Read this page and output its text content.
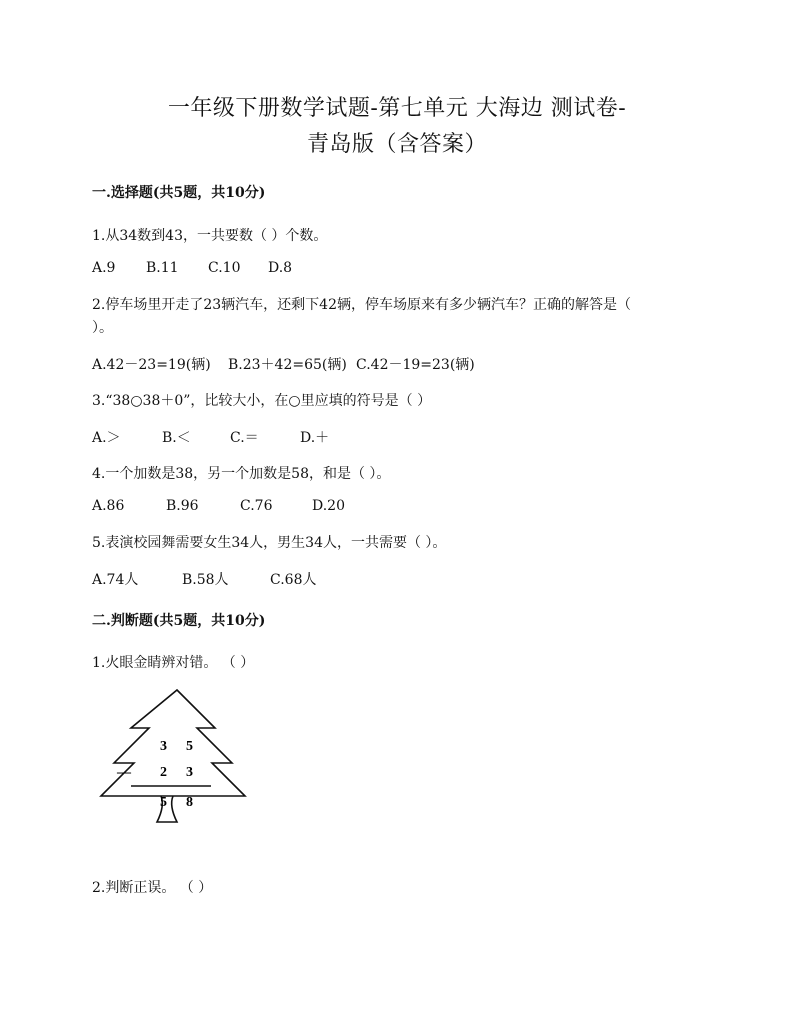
一年级下册数学试题-第七单元 大海边 测试卷-
青岛版（含答案）
一.选择题(共5题，共10分)
1.从34数到43，一共要数（ ）个数。
A.9 B.11 C.10 D.8
2.停车场里开走了23辆汽车，还剩下42辆，停车场原来有多少辆汽车？正确的解答是（
）。
A.42－23=19(辆) B.23＋42=65(辆) C.42－19=23(辆)
3.“38○38＋0”，比较大小，在○里应填的符号是（ ）
A.＞	B.＜	C.＝	D.＋
4.一个加数是38，另一个加数是58，和是（ ）。
A.86	B.96	C.76	D.20
5.表演校园舞需要女生34人，男生34人，一共需要（ ）。
A.74人	B.58人	C.68人
二.判断题(共5题，共10分)
1.火眼金睛辨对错。 （ ）
3 5
— 2 3
5 8
2.判断正误。 （ ）
